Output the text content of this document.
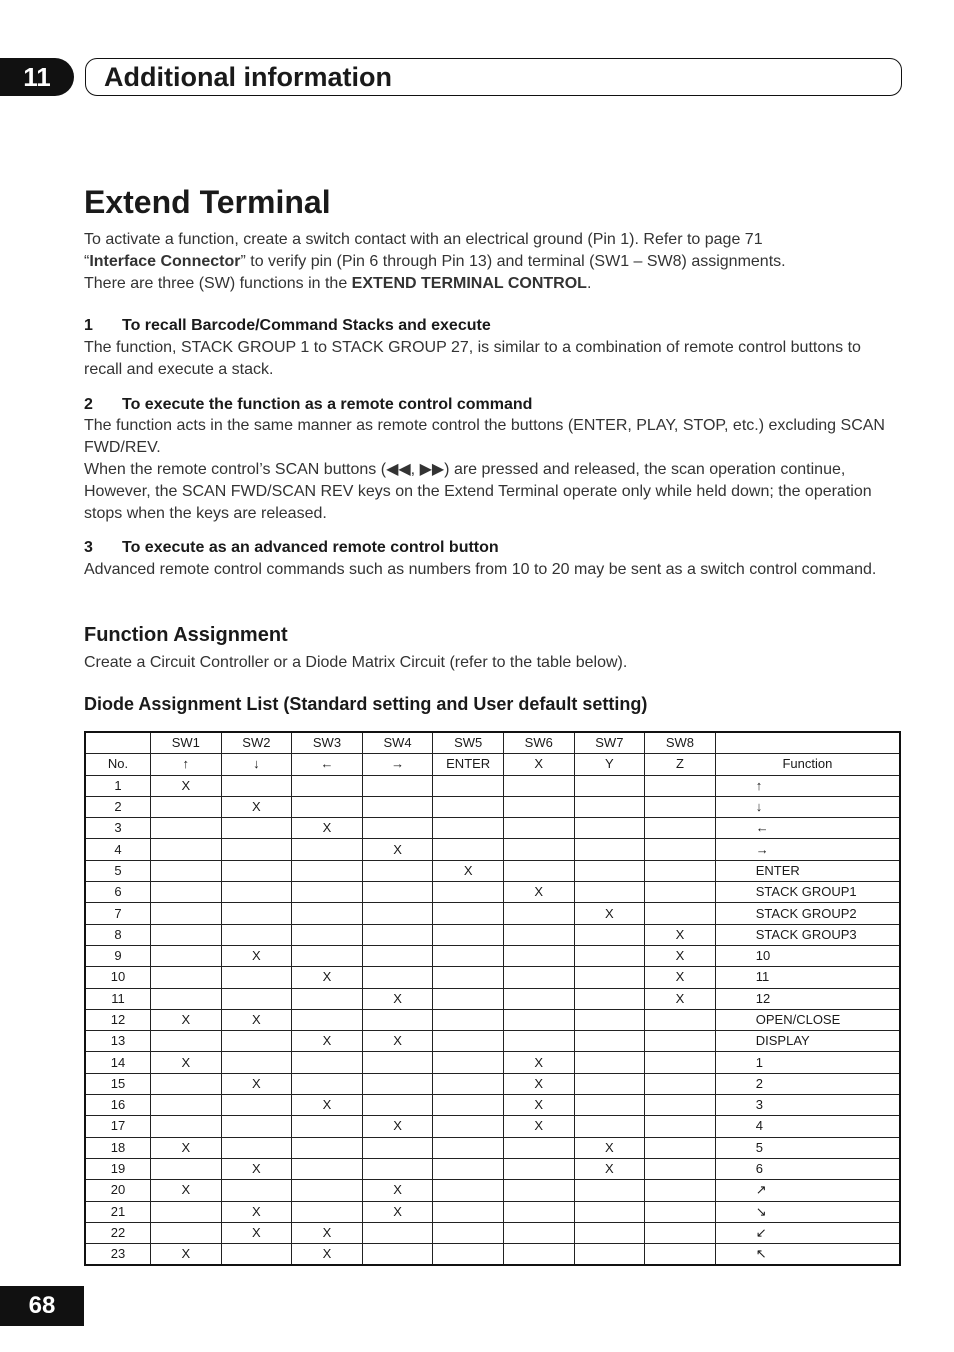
11	Additional information
Extend Terminal

To activate a function, create a switch contact with an electrical ground (Pin 1). Refer to page 71
“Interface Connector” to verify pin (Pin 6 through Pin 13) and terminal (SW1 – SW8) assignments.
There are three (SW) functions in the EXTEND TERMINAL CONTROL.

1 To recall Barcode/Command Stacks and execute

The function, STACK GROUP 1 to STACK GROUP 27, is similar to a combination of remote control buttons to recall and execute a stack.

2 To execute the function as a remote control command

The function acts in the same manner as remote control the buttons (ENTER, PLAY, STOP, etc.) excluding SCAN FWD/REV.

When the remote control’s SCAN buttons (◀◀, ▶▶) are pressed and released, the scan operation continue, However, the SCAN FWD/SCAN REV keys on the Extend Terminal operate only while held down; the operation stops when the keys are released.

3 To execute as an advanced remote control button

Advanced remote control commands such as numbers from 10 to 20 may be sent as a switch control command.

Function Assignment

Create a Circuit Controller or a Diode Matrix Circuit (refer to the table below).

Diode Assignment List (Standard setting and User default setting)
	SW1	SW2	SW3	SW4	SW5	SW6	SW7	SW8	
No.	↑	↓	←	→	ENTER	X	Y	Z	Function
1	X								↑
2		X							↓
3			X						←
4				X					→
5					X				ENTER
6						X			STACK GROUP1
7							X		STACK GROUP2
8								X	STACK GROUP3
9		X						X	10
10			X					X	11
11				X				X	12
12	X	X							OPEN/CLOSE
13			X	X					DISPLAY
14	X					X			1
15		X				X			2
16			X			X			3
17				X		X			4
18	X						X		5
19		X					X		6
20	X			X					↗
21		X		X					↘
22		X	X						↙
23	X		X						↖
68
